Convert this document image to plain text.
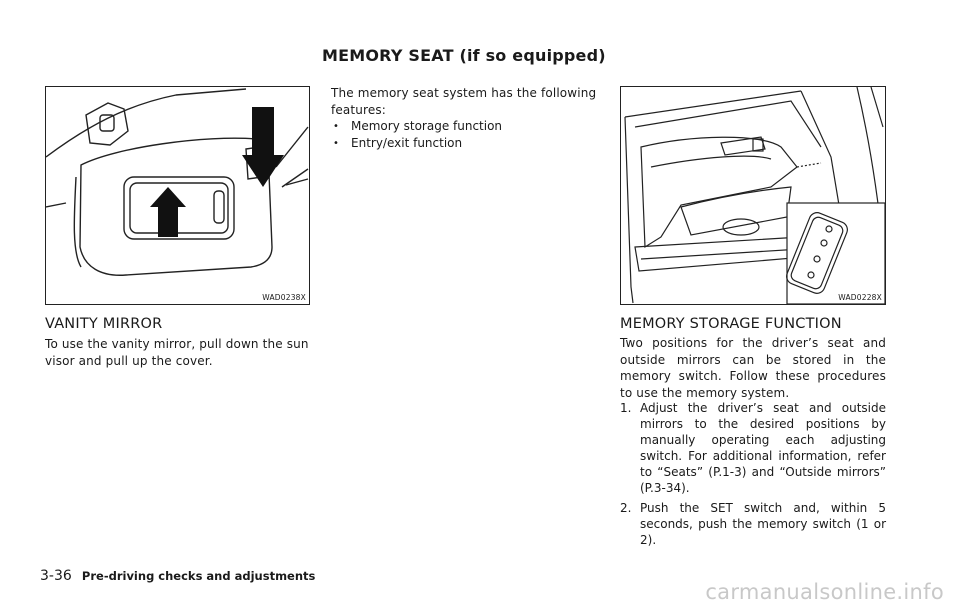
MEMORY SEAT (if so equipped)
WAD0238X
VANITY MIRROR
To use the vanity mirror, pull down the sun visor and pull up the cover.
The memory seat system has the following features:
• Memory storage function
• Entry/exit function
WAD0228X
MEMORY STORAGE FUNCTION
Two positions for the driver’s seat and outside mirrors can be stored in the memory switch. Follow these procedures to use the memory system.
1. Adjust the driver’s seat and outside mirrors to the desired positions by manually operating each adjusting switch. For additional information, refer to “Seats” (P.1-3) and “Outside mirrors” (P.3-34).
2. Push the SET switch and, within 5 seconds, push the memory switch (1 or 2).
3-36 Pre-driving checks and adjustments
carmanualsonline.info
